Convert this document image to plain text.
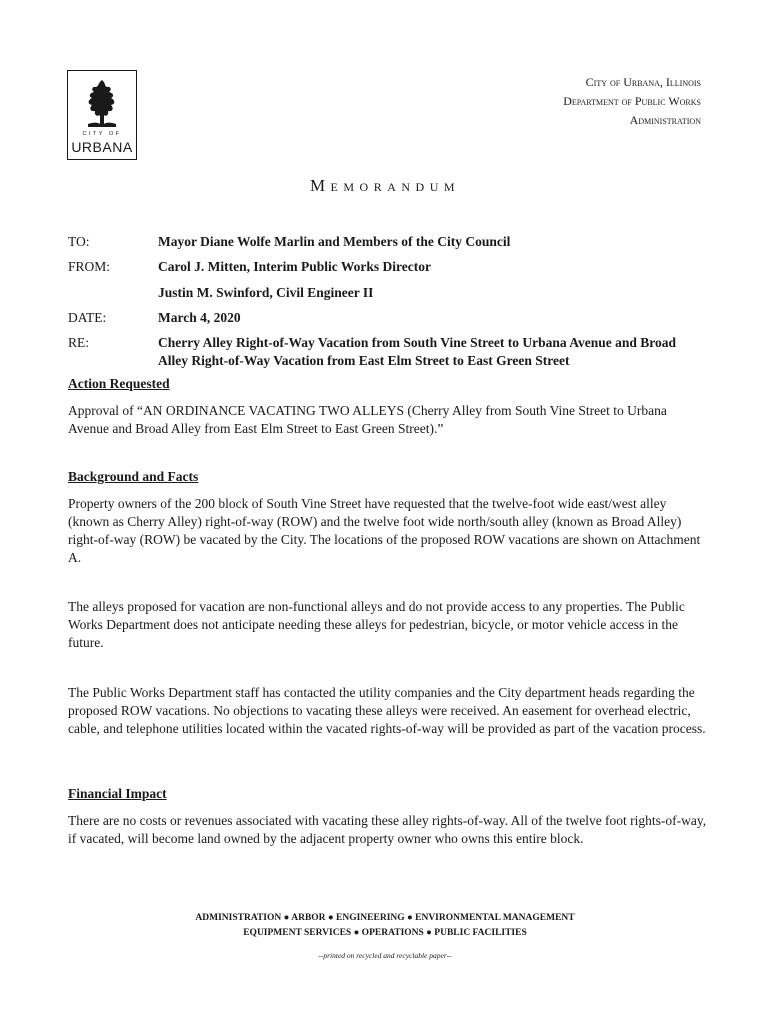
CITY OF
URBANA
City of Urbana, Illinois
Department of Public Works
Administration
Memorandum
TO:	Mayor Diane Wolfe Marlin and Members of the City Council
FROM:	Carol J. Mitten, Interim Public Works Director
Justin M. Swinford, Civil Engineer II
DATE:	March 4, 2020
RE:	Cherry Alley Right-of-Way Vacation from South Vine Street to Urbana Avenue and Broad Alley Right-of-Way Vacation from East Elm Street to East Green Street
Action Requested

Approval of “AN ORDINANCE VACATING TWO ALLEYS (Cherry Alley from South Vine Street to Urbana Avenue and Broad Alley from East Elm Street to East Green Street).”

Background and Facts

Property owners of the 200 block of South Vine Street have requested that the twelve-foot wide east/west alley (known as Cherry Alley) right-of-way (ROW) and the twelve foot wide north/south alley (known as Broad Alley) right-of-way (ROW) be vacated by the City. The locations of the proposed ROW vacations are shown on Attachment A.

The alleys proposed for vacation are non-functional alleys and do not provide access to any properties. The Public Works Department does not anticipate needing these alleys for pedestrian, bicycle, or motor vehicle access in the future.

The Public Works Department staff has contacted the utility companies and the City department heads regarding the proposed ROW vacations. No objections to vacating these alleys were received. An easement for overhead electric, cable, and telephone utilities located within the vacated rights-of-way will be provided as part of the vacation process.

Financial Impact

There are no costs or revenues associated with vacating these alley rights-of-way. All of the twelve foot rights-of-way, if vacated, will become land owned by the adjacent property owner who owns this entire block.

ADMINISTRATION ● ARBOR ● ENGINEERING ● ENVIRONMENTAL MANAGEMENT
EQUIPMENT SERVICES ● OPERATIONS ● PUBLIC FACILITIES
--printed on recycled and recyclable paper--
